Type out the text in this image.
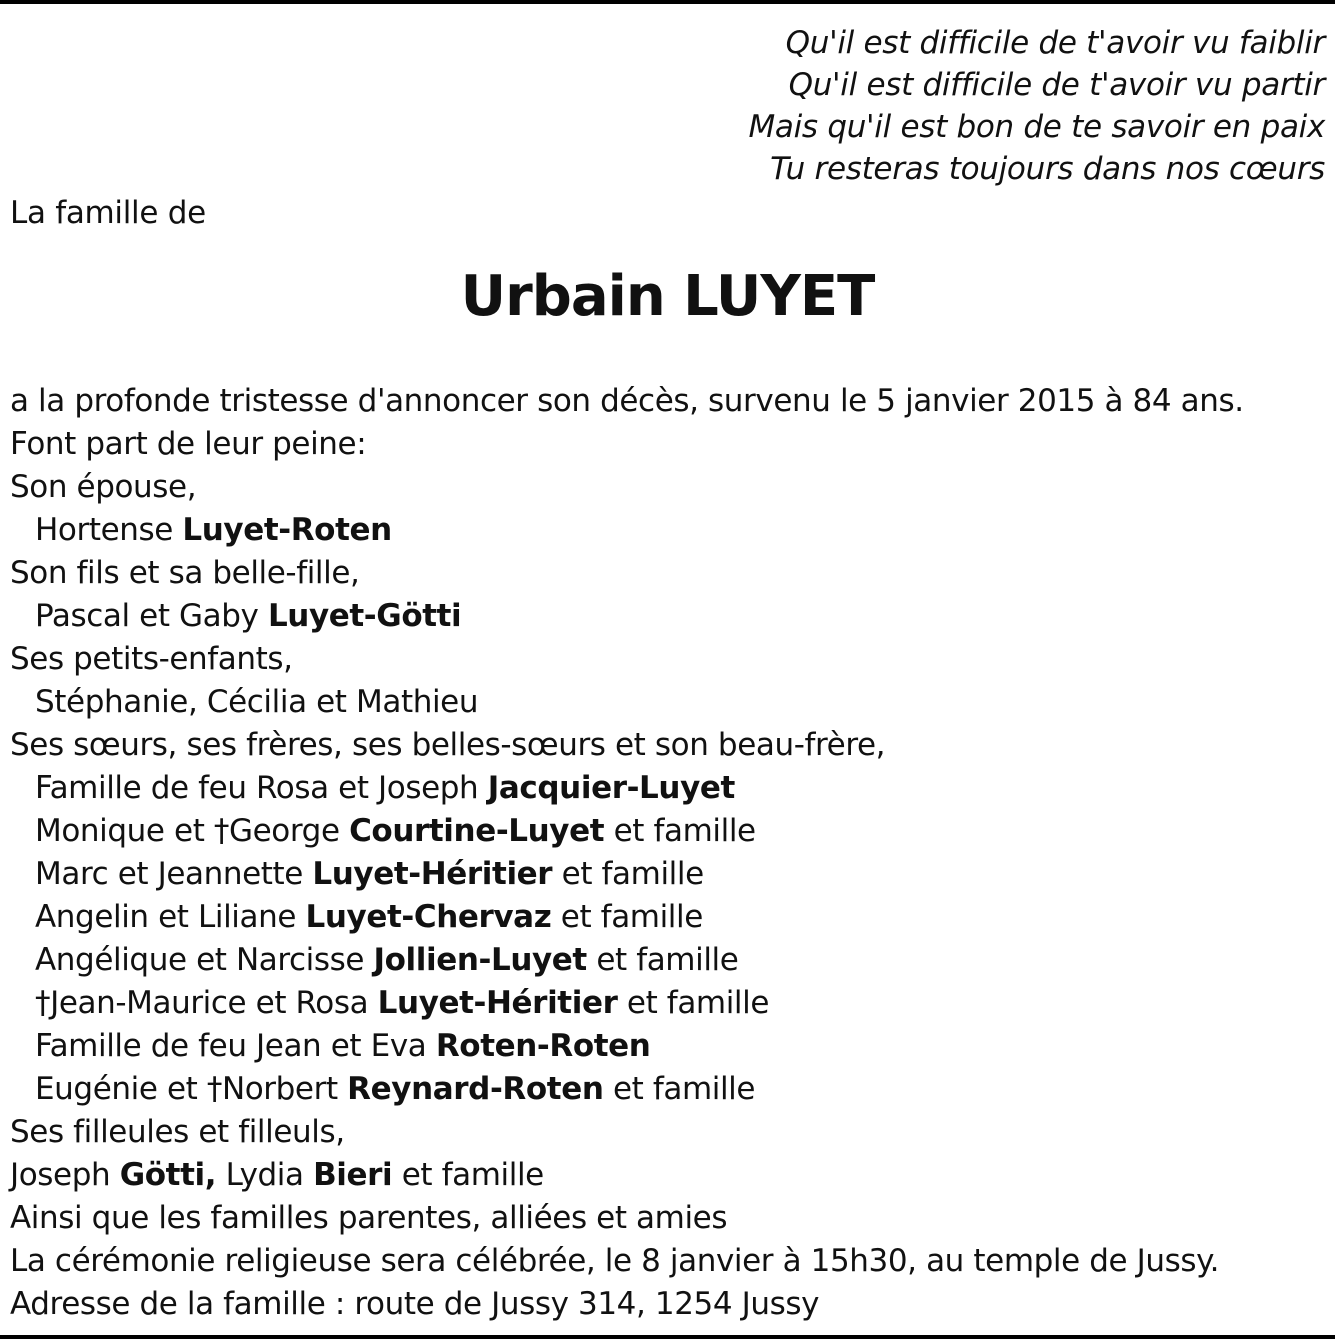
Qu'il est difficile de t'avoir vu faiblir
Qu'il est difficile de t'avoir vu partir
Mais qu'il est bon de te savoir en paix
Tu resteras toujours dans nos cœurs
La famille de
Urbain LUYET
a la profonde tristesse d'annoncer son décès, survenu le 5 janvier 2015 à 84 ans.
Font part de leur peine:
Son épouse,
Hortense Luyet-Roten
Son fils et sa belle-fille,
Pascal et Gaby Luyet-Götti
Ses petits-enfants,
Stéphanie, Cécilia et Mathieu
Ses sœurs, ses frères, ses belles-sœurs et son beau-frère,
Famille de feu Rosa et Joseph Jacquier-Luyet
Monique et †George Courtine-Luyet et famille
Marc et Jeannette Luyet-Héritier et famille
Angelin et Liliane Luyet-Chervaz et famille
Angélique et Narcisse Jollien-Luyet et famille
†Jean-Maurice et Rosa Luyet-Héritier et famille
Famille de feu Jean et Eva Roten-Roten
Eugénie et †Norbert Reynard-Roten et famille
Ses filleules et filleuls,
Joseph Götti, Lydia Bieri et famille
Ainsi que les familles parentes, alliées et amies
La cérémonie religieuse sera célébrée, le 8 janvier à 15h30, au temple de Jussy.
Adresse de la famille : route de Jussy 314, 1254 Jussy
